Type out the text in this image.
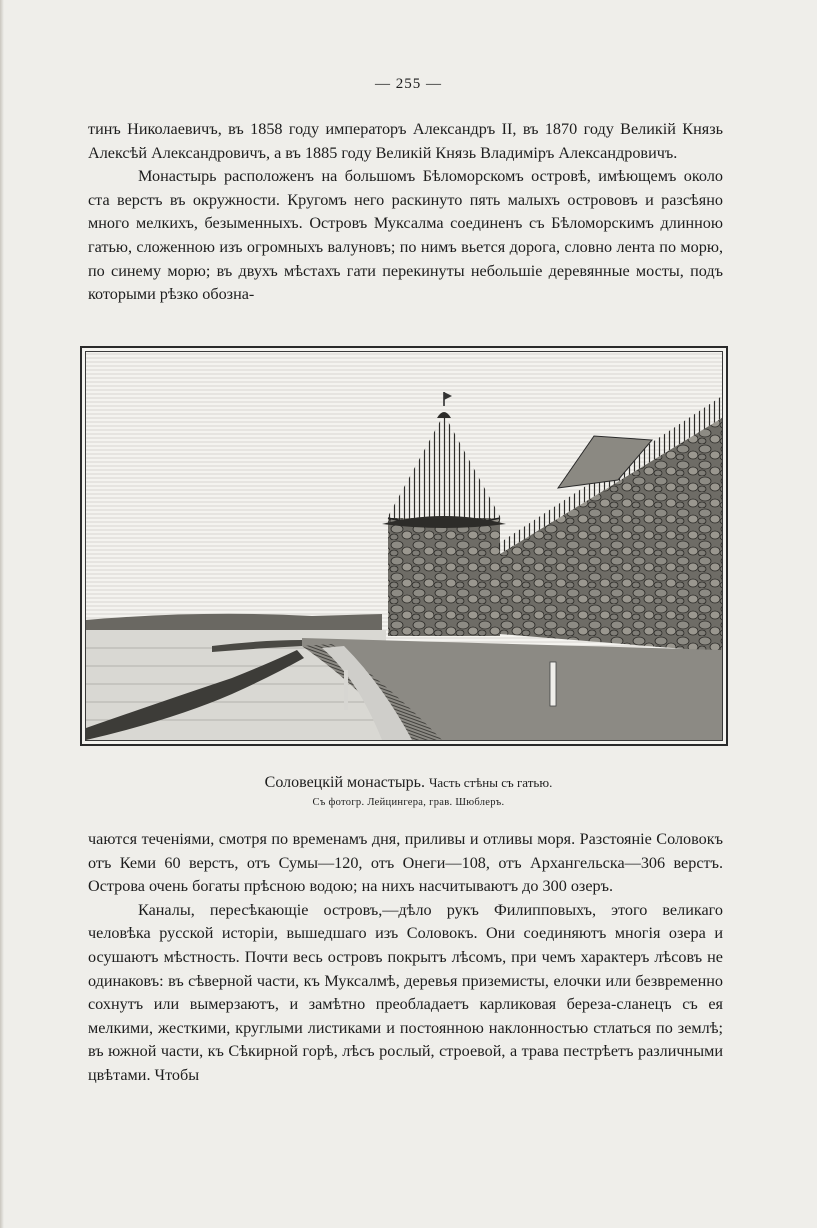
— 255 —

тинъ Николаевичъ, въ 1858 году императоръ Александръ II, въ 1870 году Великій Князь Алексѣй Александровичъ, а въ 1885 году Великій Князь Владиміръ Александровичъ.

Монастырь расположенъ на большомъ Бѣломорскомъ островѣ, имѣющемъ около ста верстъ въ окружности. Кругомъ него раскинуто пять малыхъ острововъ и разсѣяно много мелкихъ, безыменныхъ. Островъ Муксалма соединенъ съ Бѣломорскимъ длинною гатью, сложенною изъ огромныхъ валуновъ; по нимъ вьется дорога, словно лента по морю, по синему морю; въ двухъ мѣстахъ гати перекинуты небольшіе деревянные мосты, подъ которыми рѣзко обозна-

Соловецкій монастырь. Часть стѣны съ гатью.
Съ фотогр. Лейцингера, грав. Шюблеръ.

чаются теченіями, смотря по временамъ дня, приливы и отливы моря. Разстояніе Соловокъ отъ Кеми 60 верстъ, отъ Сумы—120, отъ Онеги—108, отъ Архангельска—306 верстъ. Острова очень богаты прѣсною водою; на нихъ насчитываютъ до 300 озеръ.

Каналы, пересѣкающіе островъ,—дѣло рукъ Филипповыхъ, этого великаго человѣка русской исторіи, вышедшаго изъ Соловокъ. Они соединяютъ многія озера и осушаютъ мѣстность. Почти весь островъ покрытъ лѣсомъ, при чемъ характеръ лѣсовъ не одинаковъ: въ сѣверной части, къ Муксалмѣ, деревья приземисты, елочки или безвременно сохнутъ или вымерзаютъ, и замѣтно преобладаетъ карликовая береза-сланецъ съ ея мелкими, жесткими, круглыми листиками и постоянною наклонностью стлаться по землѣ; въ южной части, къ Сѣкирной горѣ, лѣсъ рослый, строевой, а трава пестрѣетъ различными цвѣтами. Чтобы
